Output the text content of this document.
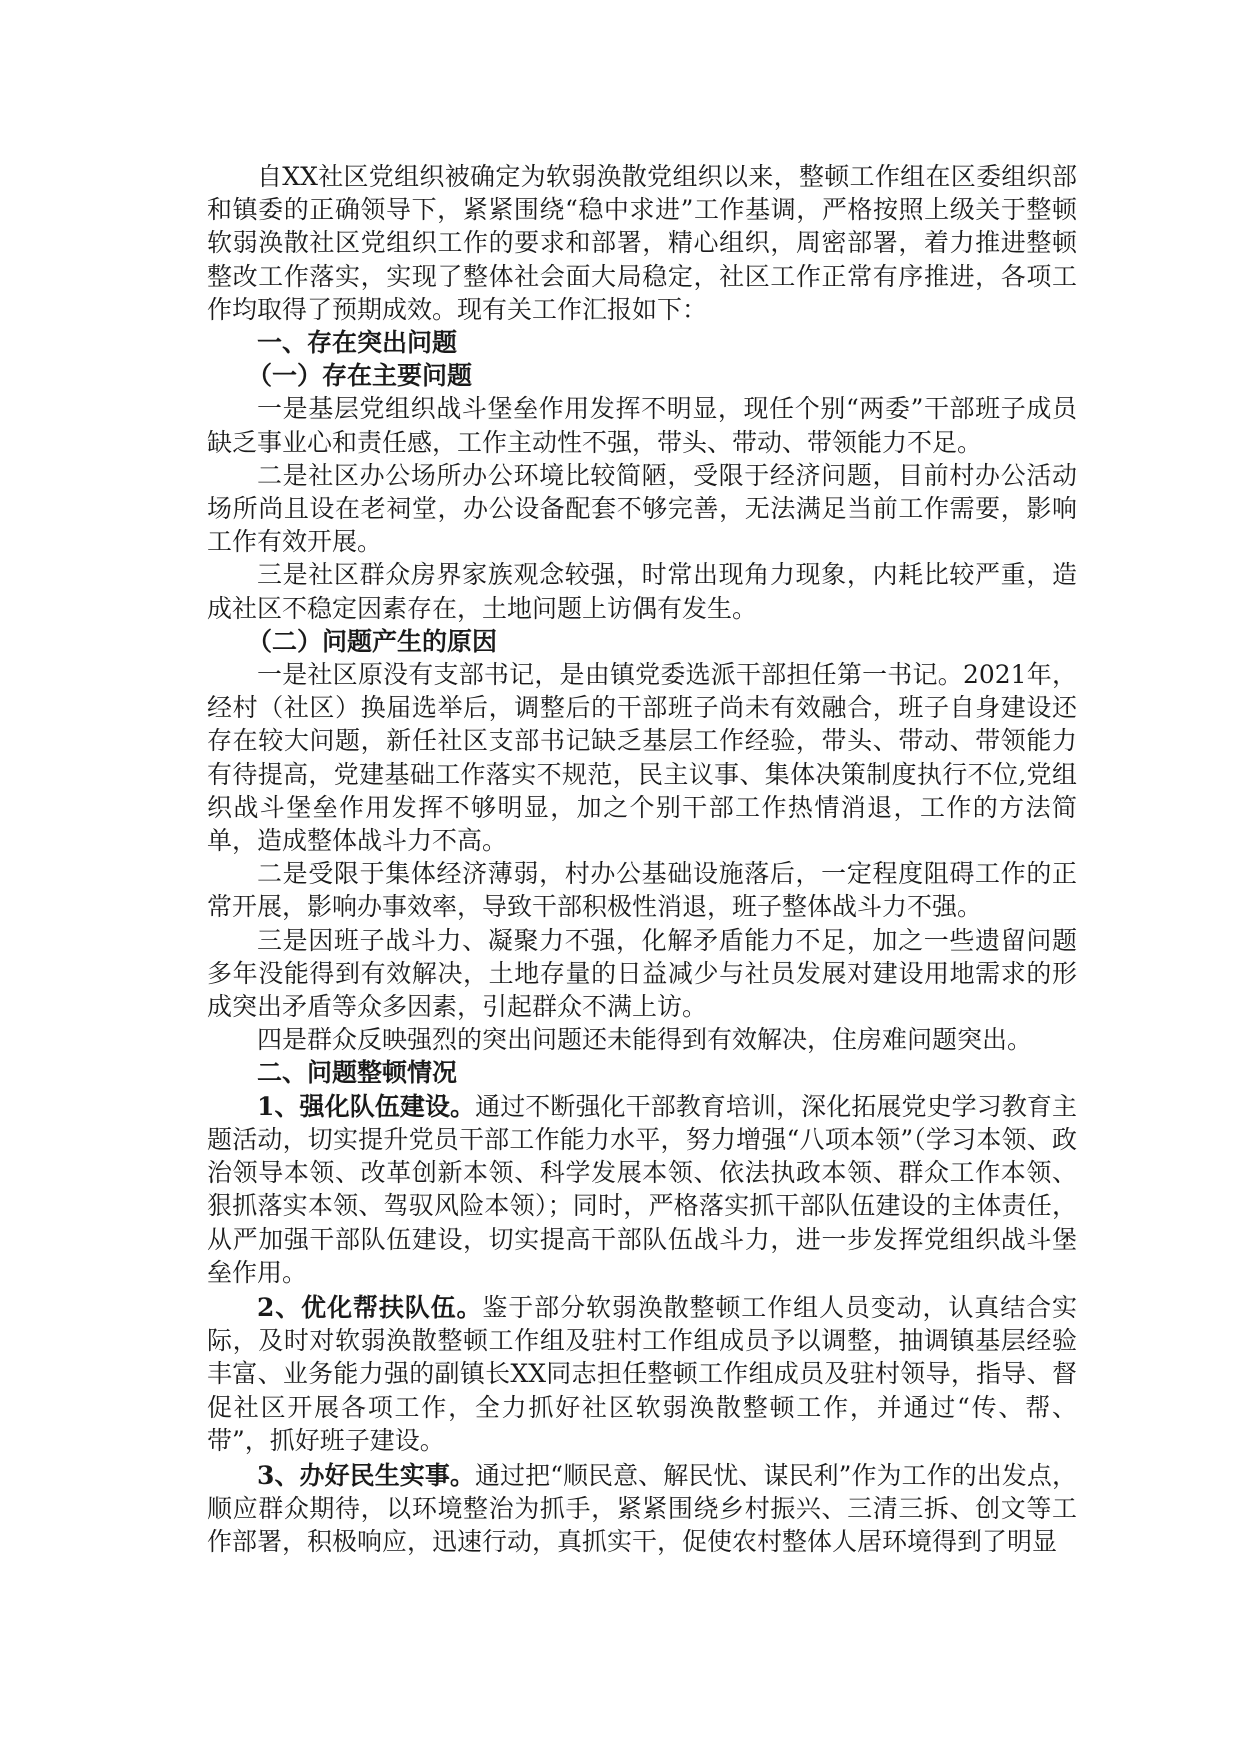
自XX社区党组织被确定为软弱涣散党组织以来，整顿工作组在区委组织部和镇委的正确领导下，紧紧围绕“稳中求进”工作基调，严格按照上级关于整顿软弱涣散社区党组织工作的要求和部署，精心组织，周密部署，着力推进整顿整改工作落实，实现了整体社会面大局稳定，社区工作正常有序推进，各项工作均取得了预期成效。现有关工作汇报如下：

一、存在突出问题
（一）存在主要问题

一是基层党组织战斗堡垒作用发挥不明显，现任个别“两委”干部班子成员缺乏事业心和责任感，工作主动性不强，带头、带动、带领能力不足。

二是社区办公场所办公环境比较简陋，受限于经济问题，目前村办公活动场所尚且设在老祠堂，办公设备配套不够完善，无法满足当前工作需要，影响工作有效开展。

三是社区群众房界家族观念较强，时常出现角力现象，内耗比较严重，造成社区不稳定因素存在，土地问题上访偶有发生。

（二）问题产生的原因

一是社区原没有支部书记，是由镇党委选派干部担任第一书记。2021年，经村（社区）换届选举后，调整后的干部班子尚未有效融合，班子自身建设还存在较大问题，新任社区支部书记缺乏基层工作经验，带头、带动、带领能力有待提高，党建基础工作落实不规范，民主议事、集体决策制度执行不位,党组织战斗堡垒作用发挥不够明显，加之个别干部工作热情消退，工作的方法简单，造成整体战斗力不高。

二是受限于集体经济薄弱，村办公基础设施落后，一定程度阻碍工作的正常开展，影响办事效率，导致干部积极性消退，班子整体战斗力不强。

三是因班子战斗力、凝聚力不强，化解矛盾能力不足，加之一些遗留问题多年没能得到有效解决，土地存量的日益减少与社员发展对建设用地需求的形成突出矛盾等众多因素，引起群众不满上访。

四是群众反映强烈的突出问题还未能得到有效解决，住房难问题突出。

二、问题整顿情况

1、强化队伍建设。通过不断强化干部教育培训，深化拓展党史学习教育主题活动，切实提升党员干部工作能力水平，努力增强“八项本领”（学习本领、政治领导本领、改革创新本领、科学发展本领、依法执政本领、群众工作本领、狠抓落实本领、驾驭风险本领）；同时，严格落实抓干部队伍建设的主体责任，从严加强干部队伍建设，切实提高干部队伍战斗力，进一步发挥党组织战斗堡垒作用。

2、优化帮扶队伍。鉴于部分软弱涣散整顿工作组人员变动，认真结合实际，及时对软弱涣散整顿工作组及驻村工作组成员予以调整，抽调镇基层经验丰富、业务能力强的副镇长XX同志担任整顿工作组成员及驻村领导，指导、督促社区开展各项工作，全力抓好社区软弱涣散整顿工作，并通过“传、帮、带”，抓好班子建设。

3、办好民生实事。通过把“顺民意、解民忧、谋民利”作为工作的出发点，顺应群众期待，以环境整治为抓手，紧紧围绕乡村振兴、三清三拆、创文等工作部署，积极响应，迅速行动，真抓实干，促使农村整体人居环境得到了明显
